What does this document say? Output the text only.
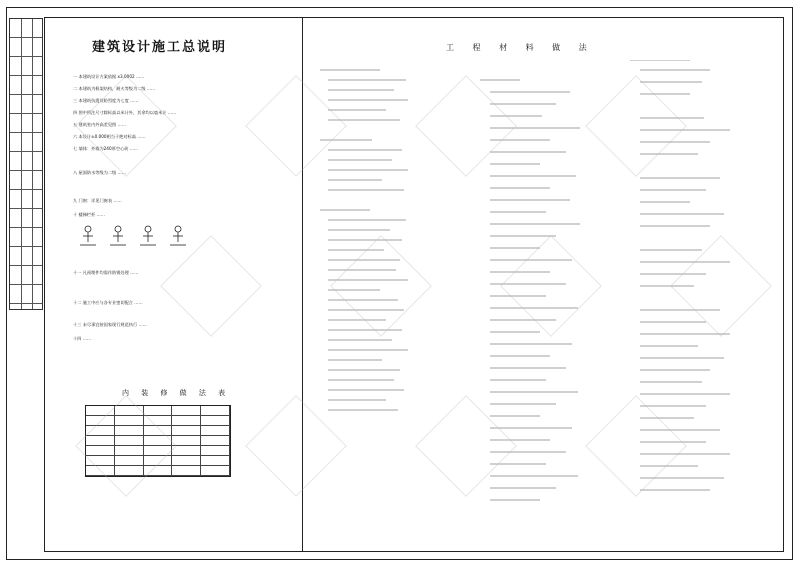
建筑设计施工总说明	工 程 材 料 做 法
内 装 修 做 法 表
一 本建筑设计方案依据 x3.0002 ……
二 本建筑为框架结构，耐火等级为二级 ……
三 本建筑抗震设防烈度为七度 ……
四 图中所注尺寸除标高以米计外，其余均以毫米计 ……
五 建筑室内外高差见图 ……
六 本设计±0.000相当于绝对标高 ……
七 墙体：外墙为240厚空心砖 ……
八 屋面防水等级为二级 ……
九 门窗：详见门窗表 ……
十 楼梯栏杆 ……
十一 凡预埋件均需作防锈处理 ……
十二 施工中应与各专业密切配合 ……
十三 未尽事宜按国家现行规范执行 ……
十四 ……
